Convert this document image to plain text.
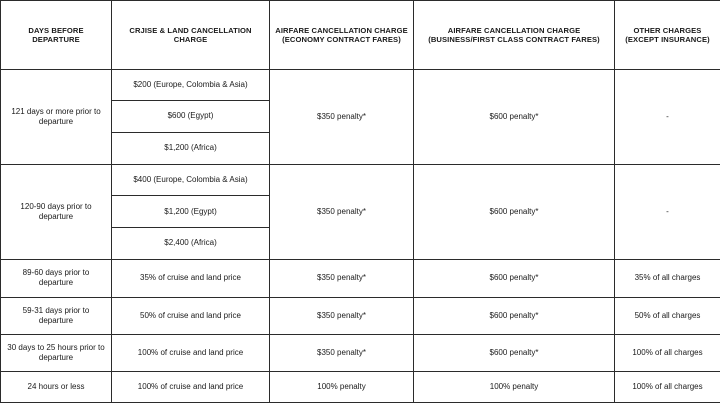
DAYS BEFORE DEPARTURE	CRJISE & LAND CANCELLATION CHARGE	AIRFARE CANCELLATION CHARGE (ECONOMY CONTRACT FARES)	AIRFARE CANCELLATION CHARGE (BUSINESS/FIRST CLASS CONTRACT FARES)	OTHER CHARGES (EXCEPT INSURANCE)
121 days or more prior to departure	$200 (Europe, Colombia & Asia)	$350 penalty*	$600 penalty*	-
	$600 (Egypt)			
	$1,200 (Africa)			
120-90 days prior to departure	$400 (Europe, Colombia & Asia)	$350 penalty*	$600 penalty*	-
	$1,200 (Egypt)			
	$2,400 (Africa)			
89-60 days prior to departure	35% of cruise and land price	$350 penalty*	$600 penalty*	35% of all charges
59-31 days prior to departure	50% of cruise and land price	$350 penalty*	$600 penalty*	50% of all charges
30 days to 25 hours prior to departure	100% of cruise and land price	$350 penalty*	$600 penalty*	100% of all charges
24 hours or less	100% of cruise and land price	100% penalty	100% penalty	100% of all charges
